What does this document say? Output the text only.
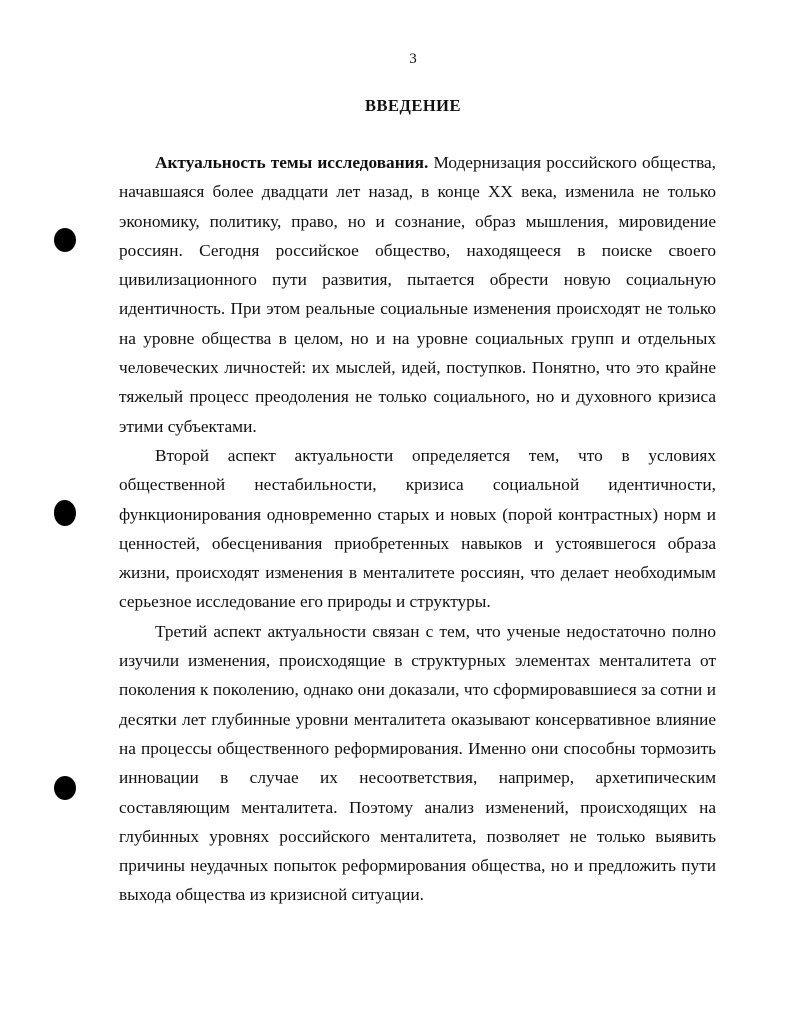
3
ВВЕДЕНИЕ

Актуальность темы исследования. Модернизация российского общества, начавшаяся более двадцати лет назад, в конце XX века, изменила не только экономику, политику, право, но и сознание, образ мышления, мировидение россиян. Сегодня российское общество, находящееся в поиске своего цивилизационного пути развития, пытается обрести новую социальную идентичность. При этом реальные социальные изменения происходят не только на уровне общества в целом, но и на уровне социальных групп и отдельных человеческих личностей: их мыслей, идей, поступков. Понятно, что это крайне тяжелый процесс преодоления не только социального, но и духовного кризиса этими субъектами.

Второй аспект актуальности определяется тем, что в условиях общественной нестабильности, кризиса социальной идентичности, функционирования одновременно старых и новых (порой контрастных) норм и ценностей, обесценивания приобретенных навыков и устоявшегося образа жизни, происходят изменения в менталитете россиян, что делает необходимым серьезное исследование его природы и структуры.

Третий аспект актуальности связан с тем, что ученые недостаточно полно изучили изменения, происходящие в структурных элементах менталитета от поколения к поколению, однако они доказали, что сформировавшиеся за сотни и десятки лет глубинные уровни менталитета оказывают консервативное влияние на процессы общественного реформирования. Именно они способны тормозить инновации в случае их несоответствия, например, архетипическим составляющим менталитета. Поэтому анализ изменений, происходящих на глубинных уровнях российского менталитета, позволяет не только выявить причины неудачных попыток реформирования общества, но и предложить пути выхода общества из кризисной ситуации.
